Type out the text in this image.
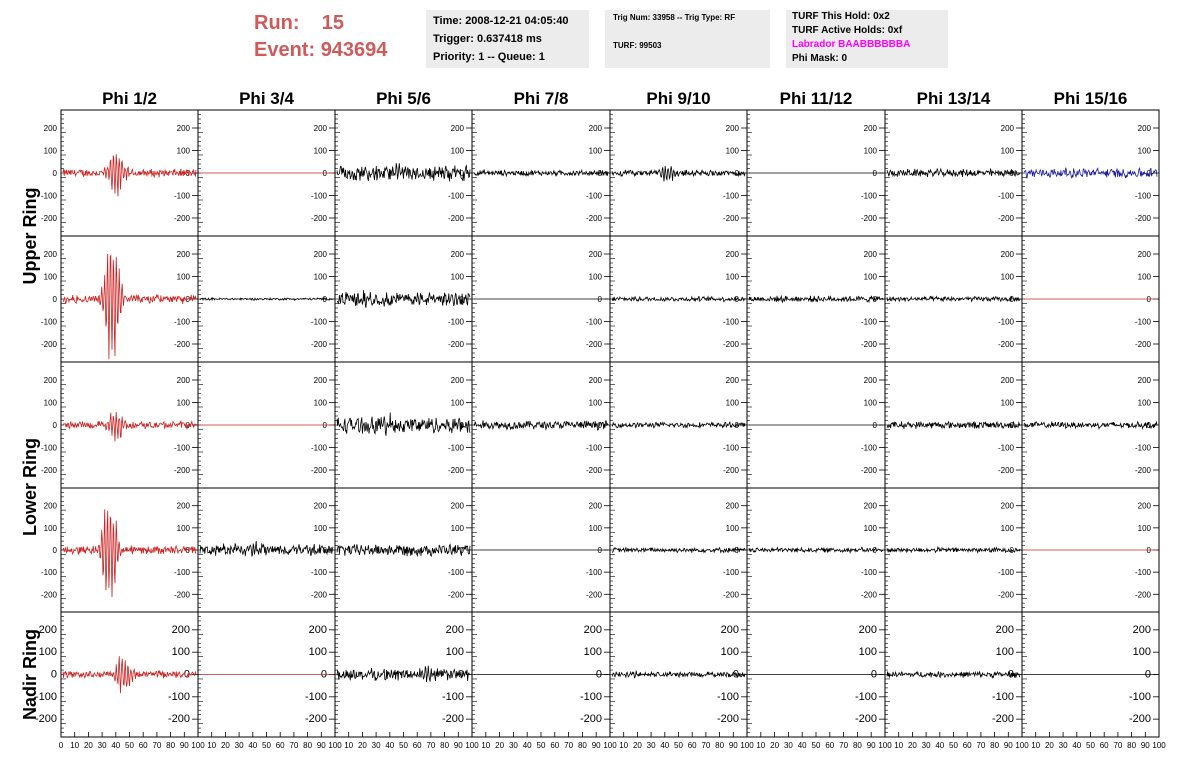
Run: 15
Event: 943694
Time: 2008-12-21 04:05:40
Trigger: 0.637418 ms
Priority: 1 -- Queue: 1
Trig Num: 33958 -- Trig Type: RF
TURF: 99503
TURF This Hold: 0x2
TURF Active Holds: 0xf
Labrador BAABBBBBBA
Phi Mask: 0
Phi 1/2	Phi 3/4	Phi 5/6	Phi 7/8	Phi 9/10	Phi 11/12	Phi 13/14	Phi 15/16
Upper Ring
Lower Ring
Nadir Ring
200
200
100
100
0
0
-100
-100
-200
-200
200
100
0
-100
-200
200
100
0
-100
-200
200
100
0
-100
-200
200
100
0
-100
-200
200
100
0
-100
-200
200
100
0
-100
-200
200
100
0
-100
-200
200
200
100
100
0
0
-100
-100
-200
-200
200
100
0
-100
-200
200
100
0
-100
-200
200
100
0
-100
-200
200
100
0
-100
-200
200
100
0
-100
-200
200
100
0
-100
-200
200
100
0
-100
-200
200
200
100
100
0
0
-100
-100
-200
-200
200
100
0
-100
-200
200
100
0
-100
-200
200
100
0
-100
-200
200
100
0
-100
-200
200
100
0
-100
-200
200
100
0
-100
-200
200
100
0
-100
-200
200
200
100
100
0
0
-100
-100
-200
-200
200
100
0
-100
-200
200
100
0
-100
-200
200
100
0
-100
-200
200
100
0
-100
-200
200
100
0
-100
-200
200
100
0
-100
-200
200
100
0
-100
-200
200
200
100
100
0
0
-100
-100
-200
-200
200
100
0
-100
-200
200
100
0
-100
-200
200
100
0
-100
-200
200
100
0
-100
-200
200
100
0
-100
-200
200
100
0
-100
-200
200
100
0
-100
-200
0 10 20 30 40 50 60 70 80 90 100 10 20 30 40 50 60 70 80 90 100 10 20 30 40 50 60 70 80 90 100 10 20 30 40 50 60 70 80 90 100 10 20 30 40 50 60 70 80 90 100 10 20 30 40 50 60 70 80 90 100 10 20 30 40 50 60 70 80 90 100 10 20 30 40 50 60 70 80 90 100
